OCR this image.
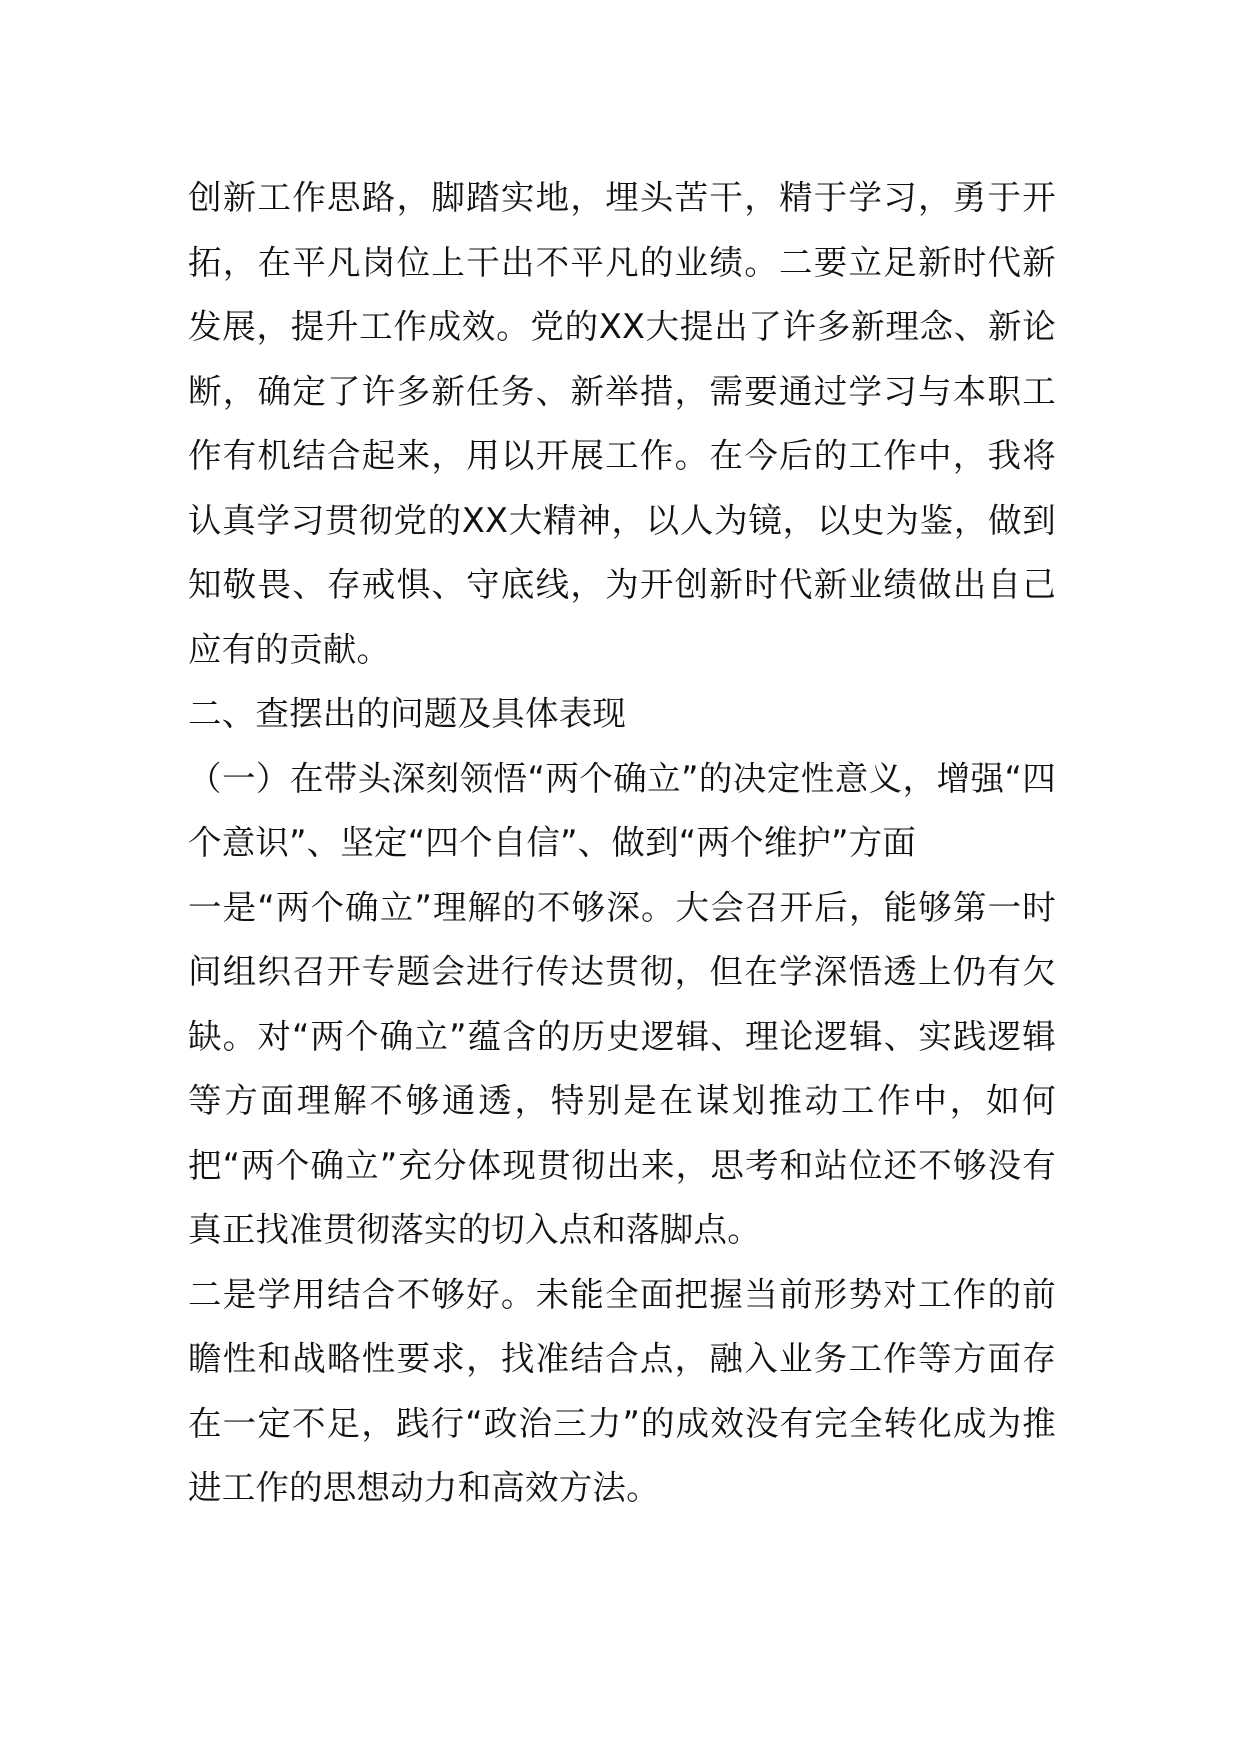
创新工作思路，脚踏实地，埋头苦干，精于学习，勇于开拓，在平凡岗位上干出不平凡的业绩。二要立足新时代新发展，提升工作成效。党的XX大提出了许多新理念、新论断，确定了许多新任务、新举措，需要通过学习与本职工作有机结合起来，用以开展工作。在今后的工作中，我将认真学习贯彻党的XX大精神，以人为镜，以史为鉴，做到知敬畏、存戒惧、守底线，为开创新时代新业绩做出自己应有的贡献。

二、查摆出的问题及具体表现

（一）在带头深刻领悟“两个确立”的决定性意义，增强“四个意识”、坚定“四个自信”、做到“两个维护”方面

一是“两个确立”理解的不够深。大会召开后，能够第一时间组织召开专题会进行传达贯彻，但在学深悟透上仍有欠缺。对“两个确立”蕴含的历史逻辑、理论逻辑、实践逻辑等方面理解不够通透，特别是在谋划推动工作中，如何把“两个确立”充分体现贯彻出来，思考和站位还不够没有真正找准贯彻落实的切入点和落脚点。

二是学用结合不够好。未能全面把握当前形势对工作的前瞻性和战略性要求，找准结合点，融入业务工作等方面存在一定不足，践行“政治三力”的成效没有完全转化成为推进工作的思想动力和高效方法。
